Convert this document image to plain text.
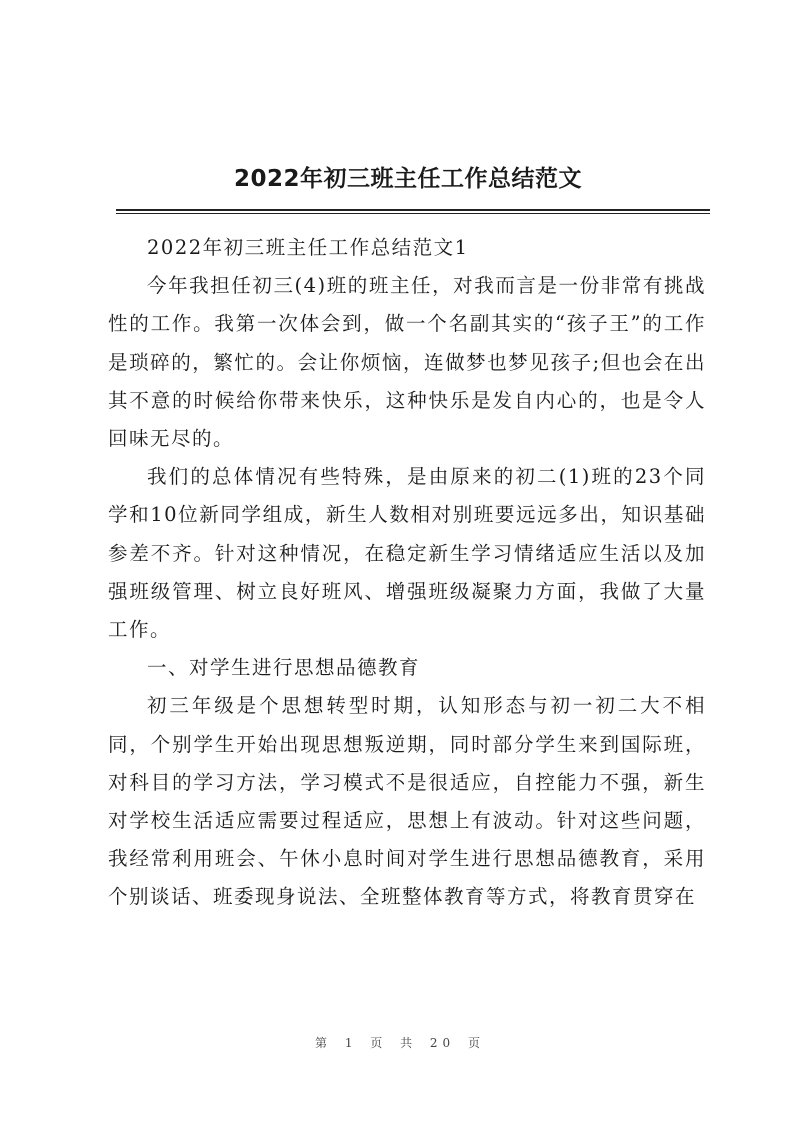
2022年初三班主任工作总结范文

2022年初三班主任工作总结范文1

今年我担任初三(4)班的班主任，对我而言是一份非常有挑战性的工作。我第一次体会到，做一个名副其实的“孩子王”的工作是琐碎的，繁忙的。会让你烦恼，连做梦也梦见孩子;但也会在出其不意的时候给你带来快乐，这种快乐是发自内心的，也是令人回味无尽的。

我们的总体情况有些特殊，是由原来的初二(1)班的23个同学和10位新同学组成，新生人数相对别班要远远多出，知识基础参差不齐。针对这种情况，在稳定新生学习情绪适应生活以及加强班级管理、树立良好班风、增强班级凝聚力方面，我做了大量工作。

一、对学生进行思想品德教育

初三年级是个思想转型时期，认知形态与初一初二大不相同，个别学生开始出现思想叛逆期，同时部分学生来到国际班，对科目的学习方法，学习模式不是很适应，自控能力不强，新生对学校生活适应需要过程适应，思想上有波动。针对这些问题，我经常利用班会、午休小息时间对学生进行思想品德教育，采用个别谈话、班委现身说法、全班整体教育等方式，将教育贯穿在

第 1 页 共 20 页
